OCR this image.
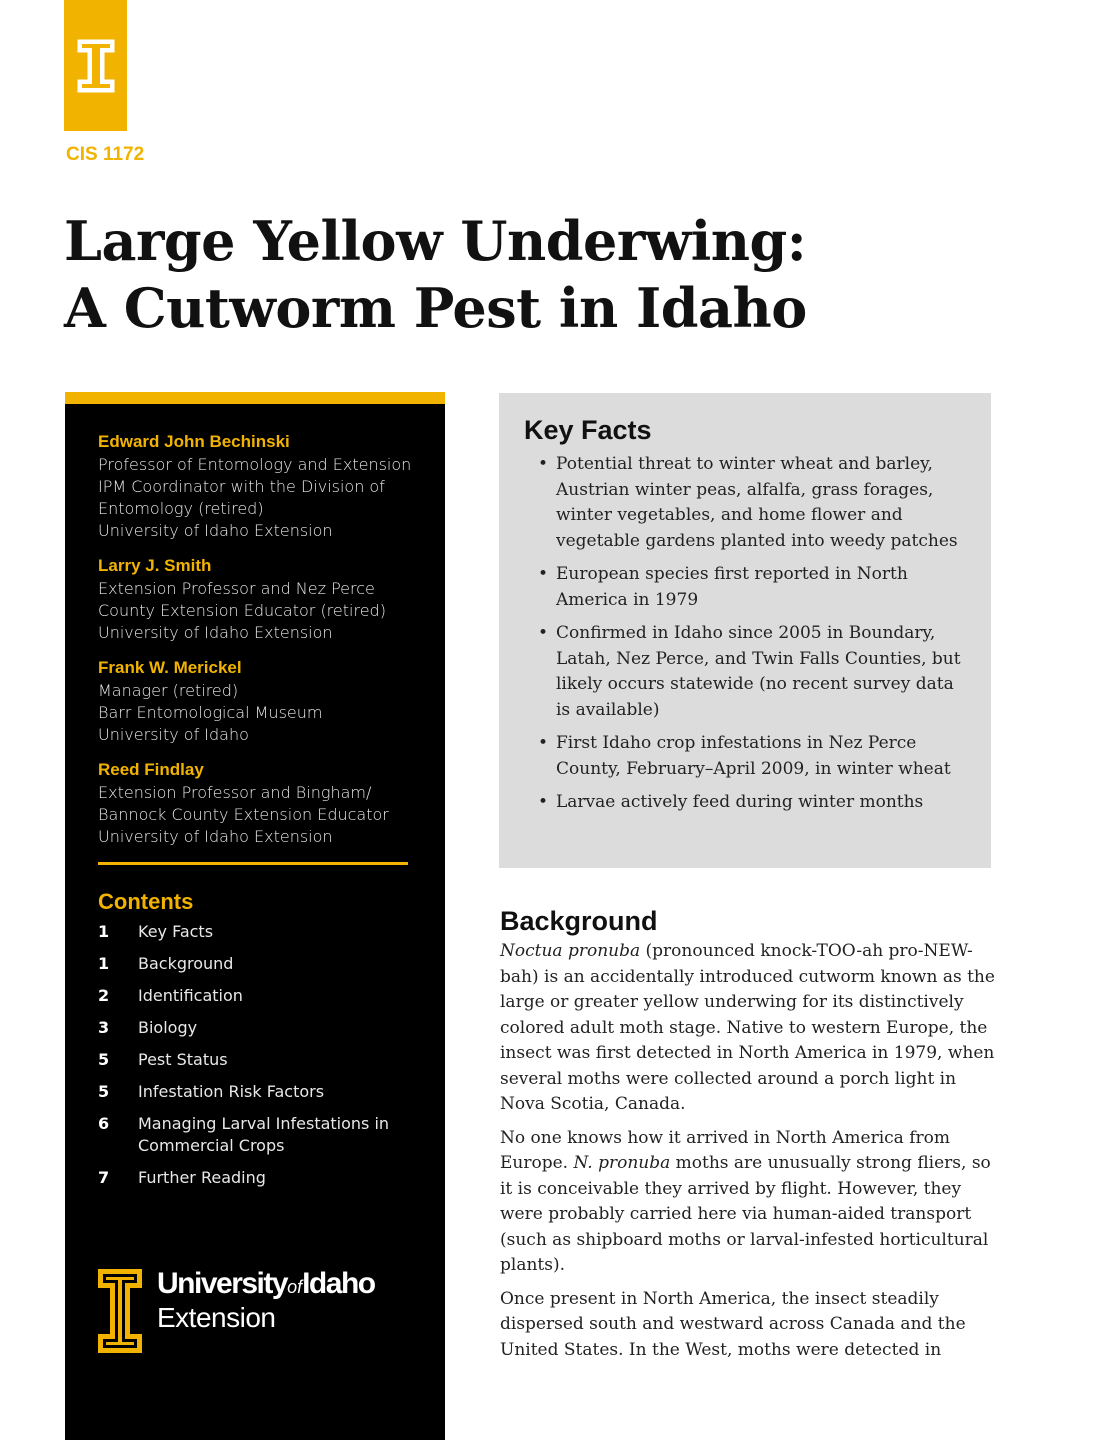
CIS 1172
Large Yellow Underwing:
A Cutworm Pest in Idaho
Edward John Bechinski
Professor of Entomology and Extension
IPM Coordinator with the Division of
Entomology (retired)
University of Idaho Extension
Larry J. Smith
Extension Professor and Nez Perce
County Extension Educator (retired)
University of Idaho Extension
Frank W. Merickel
Manager (retired)
Barr Entomological Museum
University of Idaho
Reed Findlay
Extension Professor and Bingham/
Bannock County Extension Educator
University of Idaho Extension
Contents
1	Key Facts
1	Background
2	Identification
3	Biology
5	Pest Status
5	Infestation Risk Factors
6	Managing Larval Infestations in Commercial Crops
7	Further Reading
UniversityofIdaho
Extension
Key Facts
• Potential threat to winter wheat and barley, Austrian winter peas, alfalfa, grass forages, winter vegetables, and home flower and vegetable gardens planted into weedy patches
• European species first reported in North America in 1979
• Confirmed in Idaho since 2005 in Boundary, Latah, Nez Perce, and Twin Falls Counties, but likely occurs statewide (no recent survey data is available)
• First Idaho crop infestations in Nez Perce County, February–April 2009, in winter wheat
• Larvae actively feed during winter months
Background

Noctua pronuba (pronounced knock-TOO-ah pro-NEW-bah) is an accidentally introduced cutworm known as the large or greater yellow underwing for its distinctively colored adult moth stage. Native to western Europe, the insect was first detected in North America in 1979, when several moths were collected around a porch light in Nova Scotia, Canada.

No one knows how it arrived in North America from Europe. N. pronuba moths are unusually strong fliers, so it is conceivable they arrived by flight. However, they were probably carried here via human-aided transport (such as shipboard moths or larval-infested horticultural plants).

Once present in North America, the insect steadily dispersed south and westward across Canada and the United States. In the West, moths were detected in
